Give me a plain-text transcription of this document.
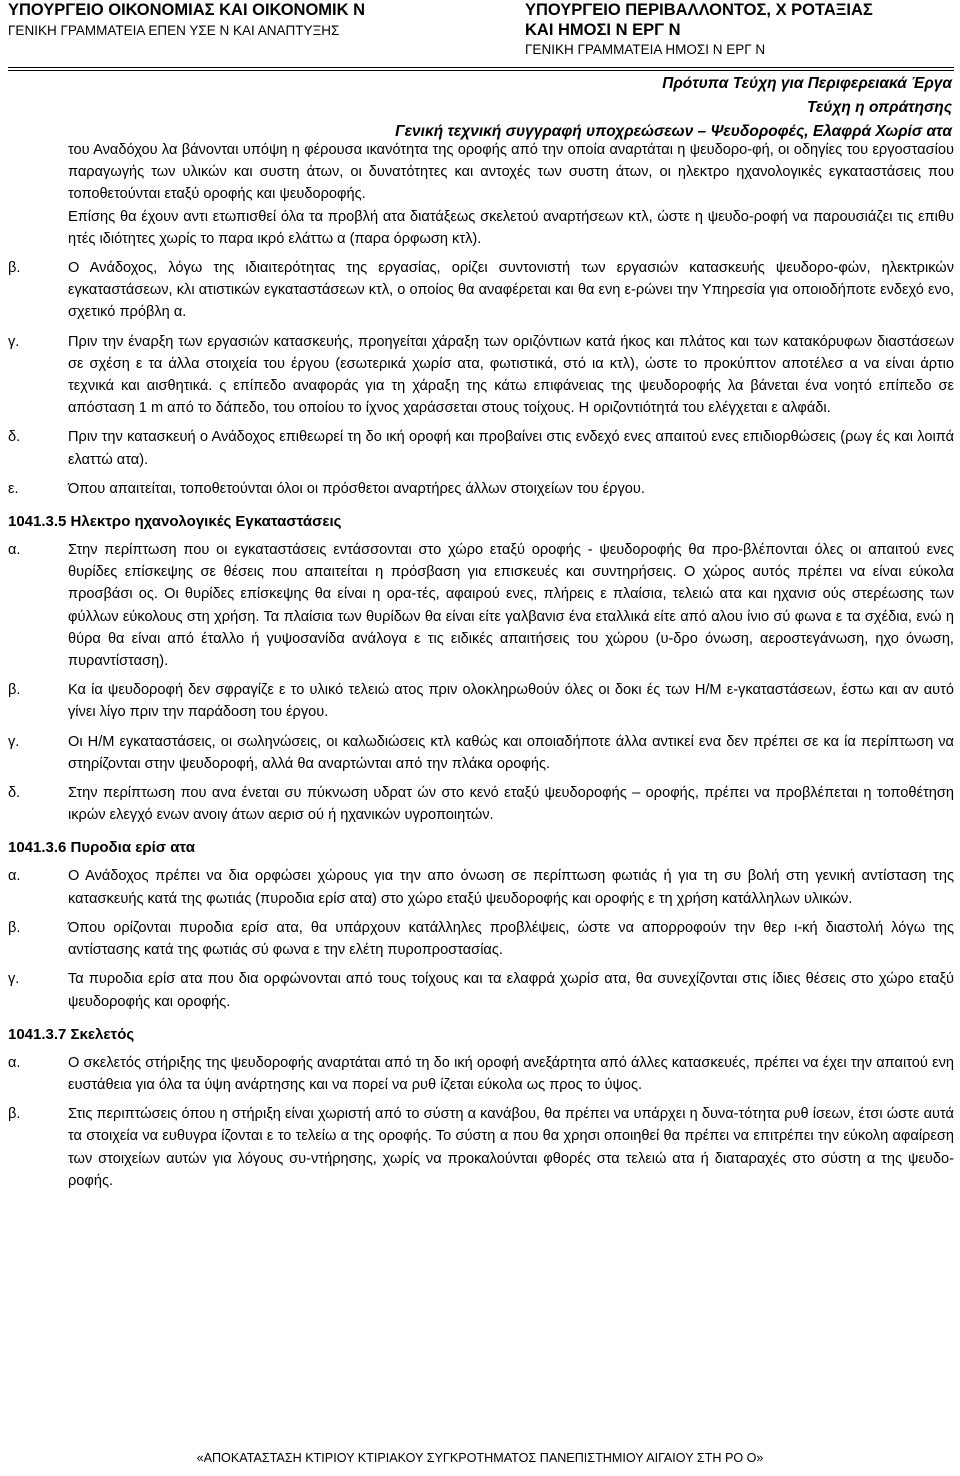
ΥΠΟΥΡΓΕΙΟ ΟΙΚΟΝΟΜΙΑΣ ΚΑΙ ΟΙΚΟΝΟΜΙΚ Ν
ΓΕΝΙΚΗ ΓΡΑΜΜΑΤΕΙΑ ΕΠΕΝ ΥΣΕ Ν ΚΑΙ ΑΝΑΠΤΥΞΗΣ
ΥΠΟΥΡΓΕΙΟ ΠΕΡΙΒΑΛΛΟΝΤΟΣ, Χ ΡΟΤΑΞΙΑΣ
ΚΑΙ ΗΜΟΣΙ Ν ΕΡΓ Ν
ΓΕΝΙΚΗ ΓΡΑΜΜΑΤΕΙΑ ΗΜΟΣΙ Ν ΕΡΓ Ν
Πρότυπα Τεύχη για Περιφερειακά Έργα
Τεύχη η οπράτησης
Γενική τεχνική συγγραφή υποχρεώσεων – Ψευδοροφές, Ελαφρά Χωρίσ ατα
του Αναδόχου λα βάνονται υπόψη η φέρουσα ικανότητα της οροφής από την οποία αναρτάται η ψευδορο-φή, οι οδηγίες του εργοστασίου παραγωγής των υλικών και συστη άτων, οι δυνατότητες και αντοχές των συστη άτων, οι ηλεκτρο ηχανολογικές εγκαταστάσεις που τοποθετούνται εταξύ οροφής και ψευδοροφής.
Επίσης θα έχουν αντι ετωπισθεί όλα τα προβλή ατα διατάξεως σκελετού αναρτήσεων κτλ, ώστε η ψευδο-ροφή να παρουσιάζει τις επιθυ ητές ιδιότητες χωρίς το παρα ικρό ελάττω α (παρα όρφωση κτλ).
β.	Ο Ανάδοχος, λόγω της ιδιαιτερότητας της εργασίας, ορίζει συντονιστή των εργασιών κατασκευής ψευδορο-φών, ηλεκτρικών εγκαταστάσεων, κλι ατιστικών εγκαταστάσεων κτλ, ο οποίος θα αναφέρεται και θα ενη ε-ρώνει την Υπηρεσία για οποιοδήποτε ενδεχό ενο, σχετικό πρόβλη α.
γ.	Πριν την έναρξη των εργασιών κατασκευής, προηγείται χάραξη των οριζόντιων κατά ήκος και πλάτος και των κατακόρυφων διαστάσεων σε σχέση ε τα άλλα στοιχεία του έργου (εσωτερικά χωρίσ ατα, φωτιστικά, στό ια κτλ), ώστε το προκύπτον αποτέλεσ α να είναι άρτιο τεχνικά και αισθητικά. ς επίπεδο αναφοράς για τη χάραξη της κάτω επιφάνειας της ψευδοροφής λα βάνεται ένα νοητό επίπεδο σε απόσταση 1 m από το δάπεδο, του οποίου το ίχνος χαράσσεται στους τοίχους. Η οριζοντιότητά του ελέγχεται ε αλφάδι.
δ.	Πριν την κατασκευή ο Ανάδοχος επιθεωρεί τη δο ική οροφή και προβαίνει στις ενδεχό ενες απαιτού ενες επιδιορθώσεις (ρωγ ές και λοιπά ελαττώ ατα).
ε.	Όπου απαιτείται, τοποθετούνται όλοι οι πρόσθετοι αναρτήρες άλλων στοιχείων του έργου.
1041.3.5 Ηλεκτρο ηχανολογικές Εγκαταστάσεις
α.	Στην περίπτωση που οι εγκαταστάσεις εντάσσονται στο χώρο εταξύ οροφής - ψευδοροφής θα προ-βλέπονται όλες οι απαιτού ενες θυρίδες επίσκεψης σε θέσεις που απαιτείται η πρόσβαση για επισκευές και συντηρήσεις. Ο χώρος αυτός πρέπει να είναι εύκολα προσβάσι ος. Οι θυρίδες επίσκεψης θα είναι η ορα-τές, αφαιρού ενες, πλήρεις ε πλαίσια, τελειώ ατα και ηχανισ ούς στερέωσης των φύλλων εύκολους στη χρήση. Τα πλαίσια των θυρίδων θα είναι είτε γαλβανισ ένα εταλλικά είτε από αλου ίνιο σύ φωνα ε τα σχέδια, ενώ η θύρα θα είναι από έταλλο ή γυψοσανίδα ανάλογα ε τις ειδικές απαιτήσεις του χώρου (υ-δρο όνωση, αεροστεγάνωση, ηχο όνωση, πυραντίσταση).
β.	Κα ία ψευδοροφή δεν σφραγίζε ε το υλικό τελειώ ατος πριν ολοκληρωθούν όλες οι δοκι ές των Η/Μ ε-γκαταστάσεων, έστω και αν αυτό γίνει λίγο πριν την παράδοση του έργου.
γ.	Οι Η/Μ εγκαταστάσεις, οι σωληνώσεις, οι καλωδιώσεις κτλ καθώς και οποιαδήποτε άλλα αντικεί ενα δεν πρέπει σε κα ία περίπτωση να στηρίζονται στην ψευδοροφή, αλλά θα αναρτώνται από την πλάκα οροφής.
δ.	Στην περίπτωση που ανα ένεται συ πύκνωση υδρατ ών στο κενό εταξύ ψευδοροφής – οροφής, πρέπει να προβλέπεται η τοποθέτηση ικρών ελεγχό ενων ανοιγ άτων αερισ ού ή ηχανικών υγροποιητών.
1041.3.6 Πυροδια ερίσ ατα
α.	Ο Ανάδοχος πρέπει να δια ορφώσει χώρους για την απο όνωση σε περίπτωση φωτιάς ή για τη συ βολή στη γενική αντίσταση της κατασκευής κατά της φωτιάς (πυροδια ερίσ ατα) στο χώρο εταξύ ψευδοροφής και οροφής ε τη χρήση κατάλληλων υλικών.
β.	Όπου ορίζονται πυροδια ερίσ ατα, θα υπάρχουν κατάλληλες προβλέψεις, ώστε να απορροφούν την θερ ι-κή διαστολή λόγω της αντίστασης κατά της φωτιάς σύ φωνα ε την ελέτη πυροπροστασίας.
γ.	Τα πυροδια ερίσ ατα που δια ορφώνονται από τους τοίχους και τα ελαφρά χωρίσ ατα, θα συνεχίζονται στις ίδιες θέσεις στο χώρο εταξύ ψευδοροφής και οροφής.
1041.3.7 Σκελετός
α.	Ο σκελετός στήριξης της ψευδοροφής αναρτάται από τη δο ική οροφή ανεξάρτητα από άλλες κατασκευές, πρέπει να έχει την απαιτού ενη ευστάθεια για όλα τα ύψη ανάρτησης και να πορεί να ρυθ ίζεται εύκολα ως προς το ύψος.
β.	Στις περιπτώσεις όπου η στήριξη είναι χωριστή από το σύστη α κανάβου, θα πρέπει να υπάρχει η δυνα-τότητα ρυθ ίσεων, έτσι ώστε αυτά τα στοιχεία να ευθυγρα ίζονται ε το τελείω α της οροφής. Το σύστη α που θα χρησι οποιηθεί θα πρέπει να επιτρέπει την εύκολη αφαίρεση των στοιχείων αυτών για λόγους συ-ντήρησης, χωρίς να προκαλούνται φθορές στα τελειώ ατα ή διαταραχές στο σύστη α της ψευδο-ροφής.
«ΑΠΟΚΑΤΑΣΤΑΣΗ ΚΤΙΡΙΟΥ ΚΤΙΡΙΑΚΟΥ ΣΥΓΚΡΟΤΗΜΑΤΟΣ ΠΑΝΕΠΙΣΤΗΜΙΟΥ ΑΙΓΑΙΟΥ ΣΤΗ ΡΟ Ο»
